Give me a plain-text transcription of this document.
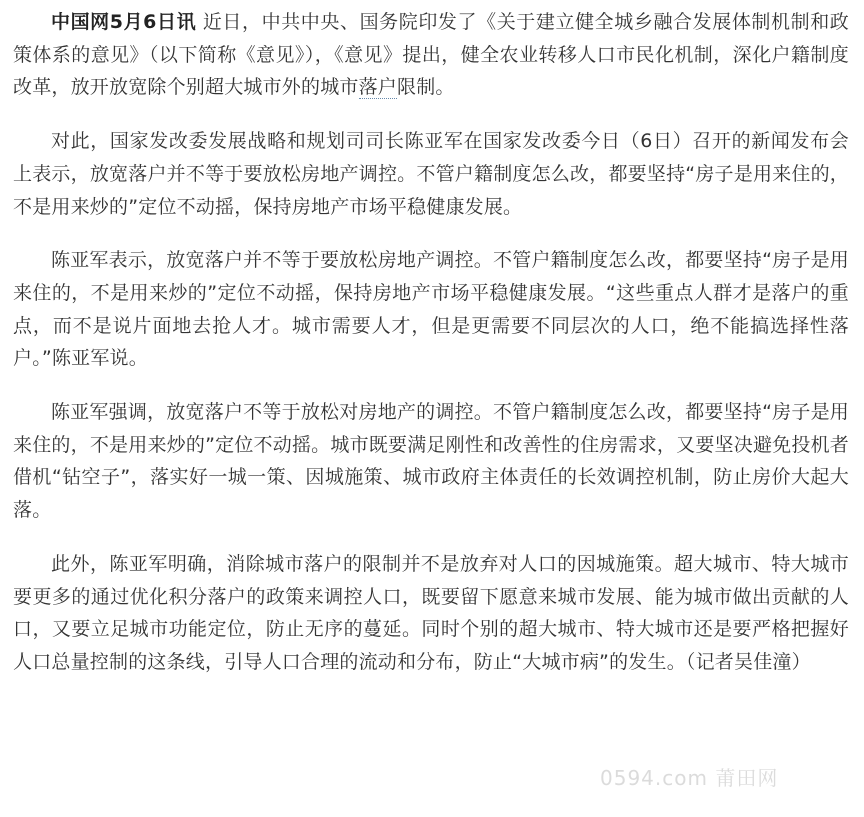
中国网5月6日讯 近日，中共中央、国务院印发了《关于建立健全城乡融合发展体制机制和政策体系的意见》（以下简称《意见》），《意见》提出，健全农业转移人口市民化机制，深化户籍制度改革，放开放宽除个别超大城市外的城市落户限制。

对此，国家发改委发展战略和规划司司长陈亚军在国家发改委今日（6日）召开的新闻发布会上表示，放宽落户并不等于要放松房地产调控。不管户籍制度怎么改，都要坚持“房子是用来住的，不是用来炒的”定位不动摇，保持房地产市场平稳健康发展。

陈亚军表示，放宽落户并不等于要放松房地产调控。不管户籍制度怎么改，都要坚持“房子是用来住的，不是用来炒的”定位不动摇，保持房地产市场平稳健康发展。“这些重点人群才是落户的重点，而不是说片面地去抢人才。城市需要人才，但是更需要不同层次的人口，绝不能搞选择性落户。”陈亚军说。

陈亚军强调，放宽落户不等于放松对房地产的调控。不管户籍制度怎么改，都要坚持“房子是用来住的，不是用来炒的”定位不动摇。城市既要满足刚性和改善性的住房需求，又要坚决避免投机者借机“钻空子”，落实好一城一策、因城施策、城市政府主体责任的长效调控机制，防止房价大起大落。

此外，陈亚军明确，消除城市落户的限制并不是放弃对人口的因城施策。超大城市、特大城市要更多的通过优化积分落户的政策来调控人口，既要留下愿意来城市发展、能为城市做出贡献的人口，又要立足城市功能定位，防止无序的蔓延。同时个别的超大城市、特大城市还是要严格把握好人口总量控制的这条线，引导人口合理的流动和分布，防止“大城市病”的发生。（记者吴佳潼）

0594.com 莆田网
